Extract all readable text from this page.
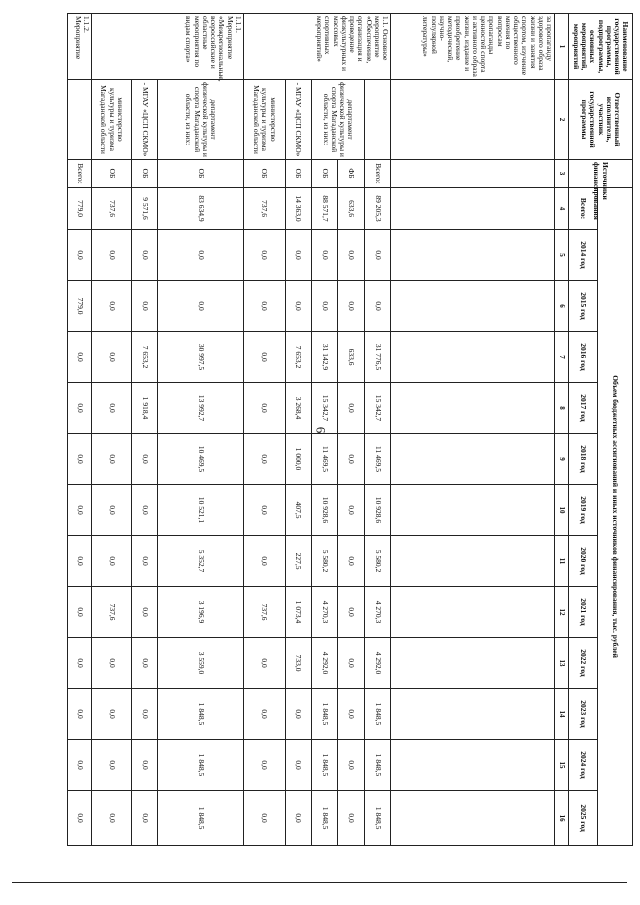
6
Наименование государственной программы, подпрограммы, основных мероприятий, мероприятий	Ответственный исполнитель, участник государственной программы	Источники финансирования	Объем бюджетных ассигнований и иных источников финансирования, тыс. рублей												
			Всего:	2014 год	2015 год	2016 год	2017 год	2018 год	2019 год	2020 год	2021 год	2022 год	2023 год	2024 год	2025 год
1	2	3	4	5	6	7	8	9	10	11	12	13	14	15	16
за пропаганду здорового образа жизни и занятия спортом, изучение общественного мнения по вопросам пропаганды ценностей спорта и активного образа жизни, издание и приобретение методической, научно-популярной литературы»															
1.1. Основное мероприятие «Обеспечение, организация и проведение физкультурных и массовых спортивных мероприятий»		Всего:	89 205,3	0,0	0,0	31 776,5	15 342,7	11 469,5	10 928,6	5 580,2	4 270,3	4 292,0	1 848,5	1 848,5	1 848,5
	департамент физической культуры и спорта Магаданской области, из них:	ФБ	633,6	0,0	0,0	633,6	0,0	0,0	0,0	0,0	0,0	0,0	0,0	0,0	0,0
		ОБ	88 571,7	0,0	0,0	31 142,9	15 342,7	11 469,5	10 928,6	5 580,2	4 270,3	4 292,0	1 848,5	1 848,5	1 848,5
	- МГАУ «ЦСП СКМО»	ОБ	14 363,0	0,0	0,0	7 653,2	3 268,4	1 000,0	407,5	227,5	1 073,4	733,0	0,0	0,0	0,0
	министерство культуры и туризма Магаданской области	ОБ	737,6	0,0	0,0	0,0	0,0	0,0	0,0	0,0	737,6	0,0	0,0	0,0	0,0
1.1.1. Мероприятие «Межрегиональные, всероссийские и областные мероприятия по видам спорта»	департамент физической культуры и спорта Магаданской области, из них:	ОБ	83 634,9	0,0	0,0	30 997,5	13 992,7	10 469,5	10 521,1	5 352,7	3 196,9	3 559,0	1 848,5	1 848,5	1 848,5
	- МГАУ «ЦСП СКМО»	ОБ	9 571,6	0,0	0,0	7 653,2	1 918,4	0,0	0,0	0,0	0,0	0,0	0,0	0,0	0,0
	министерство культуры и туризма Магаданской области	ОБ	737,6	0,0	0,0	0,0	0,0	0,0	0,0	0,0	737,6	0,0	0,0	0,0	0,0
1.1.2. Мероприятие		Всего:	779,0	0,0	779,0	0,0	0,0	0,0	0,0	0,0	0,0	0,0	0,0	0,0	0,0
